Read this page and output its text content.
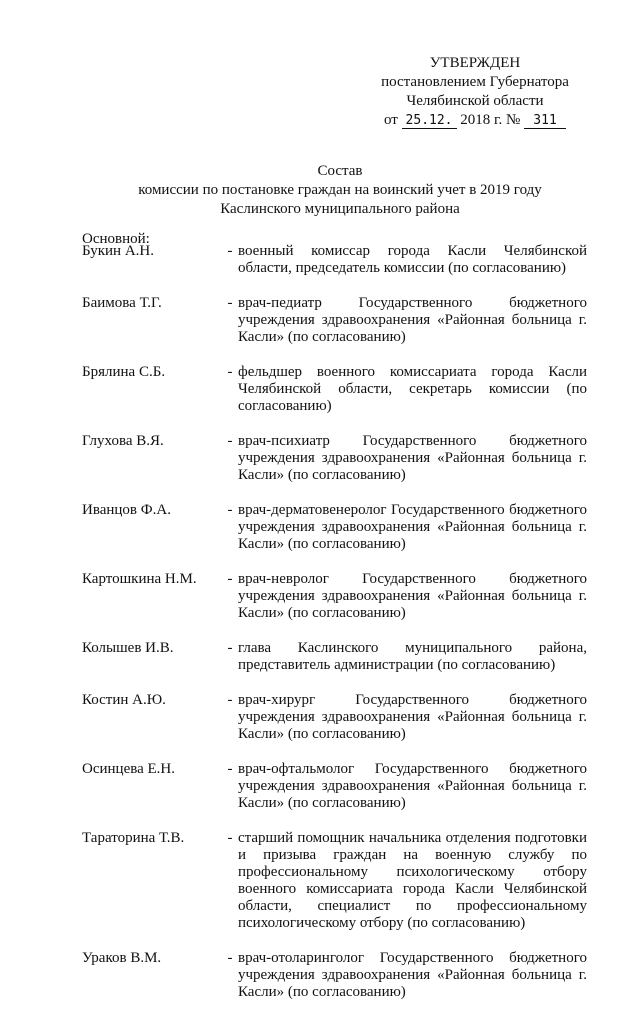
УТВЕРЖДЕН
постановлением Губернатора
Челябинской области
от 25.12. 2018 г. № 311
Состав
комиссии по постановке граждан на воинский учет в 2019 году
Каслинского муниципального района
Основной:
Букин А.Н.	- военный комиссар города Касли Челябинской области, председатель комиссии (по согласованию)
Баимова Т.Г.	- врач-педиатр Государственного бюджетного учреждения здравоохранения «Районная больница г. Касли» (по согласованию)
Брялина С.Б.	- фельдшер военного комиссариата города Касли Челябинской области, секретарь комиссии (по согласованию)
Глухова В.Я.	- врач-психиатр Государственного бюджетного учреждения здравоохранения «Районная больница г. Касли» (по согласованию)
Иванцов Ф.А.	- врач-дерматовенеролог Государственного бюджетного учреждения здравоохранения «Районная больница г. Касли» (по согласованию)
Картошкина Н.М.	- врач-невролог Государственного бюджетного учреждения здравоохранения «Районная больница г. Касли» (по согласованию)
Колышев И.В.	- глава Каслинского муниципального района, представитель администрации (по согласованию)
Костин А.Ю.	- врач-хирург Государственного бюджетного учреждения здравоохранения «Районная больница г. Касли» (по согласованию)
Осинцева Е.Н.	- врач-офтальмолог Государственного бюджетного учреждения здравоохранения «Районная больница г. Касли» (по согласованию)
Тараторина Т.В.	- старший помощник начальника отделения подготовки и призыва граждан на военную службу по профессиональному психологическому отбору военного комиссариата города Касли Челябинской области, специалист по профессиональному психологическому отбору (по согласованию)
Ураков В.М.	- врач-отоларинголог Государственного бюджетного учреждения здравоохранения «Районная больница г. Касли» (по согласованию)
